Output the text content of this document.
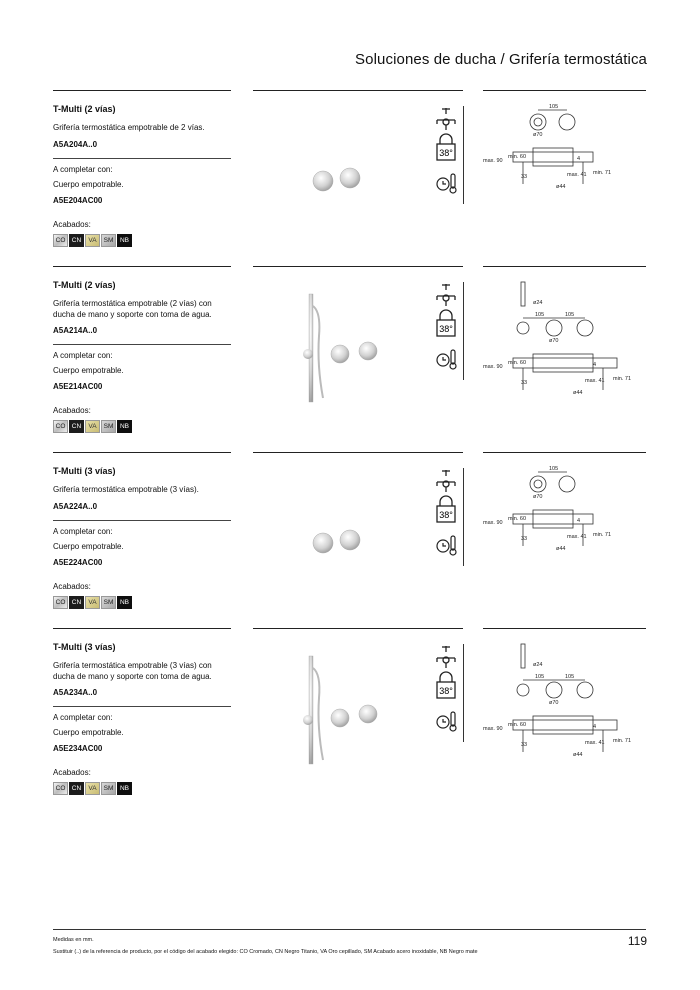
Soluciones de ducha / Grifería termostática
T-Multi (2 vías)
Grifería termostática empotrable de 2 vías.
A5A204A..0
A completar con:
Cuerpo empotrable.
A5E204AC00
Acabados:
CO CN	VA	SM	NB
38°
105
ø70
max. 90
min. 60	4
33	max. 41 min. 71
ø44
T-Multi (2 vías)
Grifería termostática empotrable (2 vías) con ducha de mano y soporte con toma de agua.
A5A214A..0
A completar con:
Cuerpo empotrable.
A5E214AC00
Acabados:
CO CN	VA	SM	NB
38°
ø24
105	105
ø70
max. 90
min. 60	4
33	max. 41 min. 71
ø44
T-Multi (3 vías)
Grifería termostática empotrable (3 vías).
A5A224A..0
A completar con:
Cuerpo empotrable.
A5E224AC00
Acabados:
CO CN	VA	SM	NB
38°
105
ø70
max. 90
min. 60	4
33	max. 41 min. 71
ø44
T-Multi (3 vías)
Grifería termostática empotrable (3 vías) con ducha de mano y soporte con toma de agua.
A5A234A..0
A completar con:
Cuerpo empotrable.
A5E234AC00
Acabados:
CO CN	VA	SM	NB
38°
ø24
105	105
ø70
max. 90
min. 60	4
33	max. 41 min. 71
ø44
Medidas en mm.
Sustituir (..) de la referencia de producto, por el código del acabado elegido: CO Cromado, CN Negro Titanio, VA Oro cepillado, SM Acabado acero inoxidable, NB Negro mate
119
